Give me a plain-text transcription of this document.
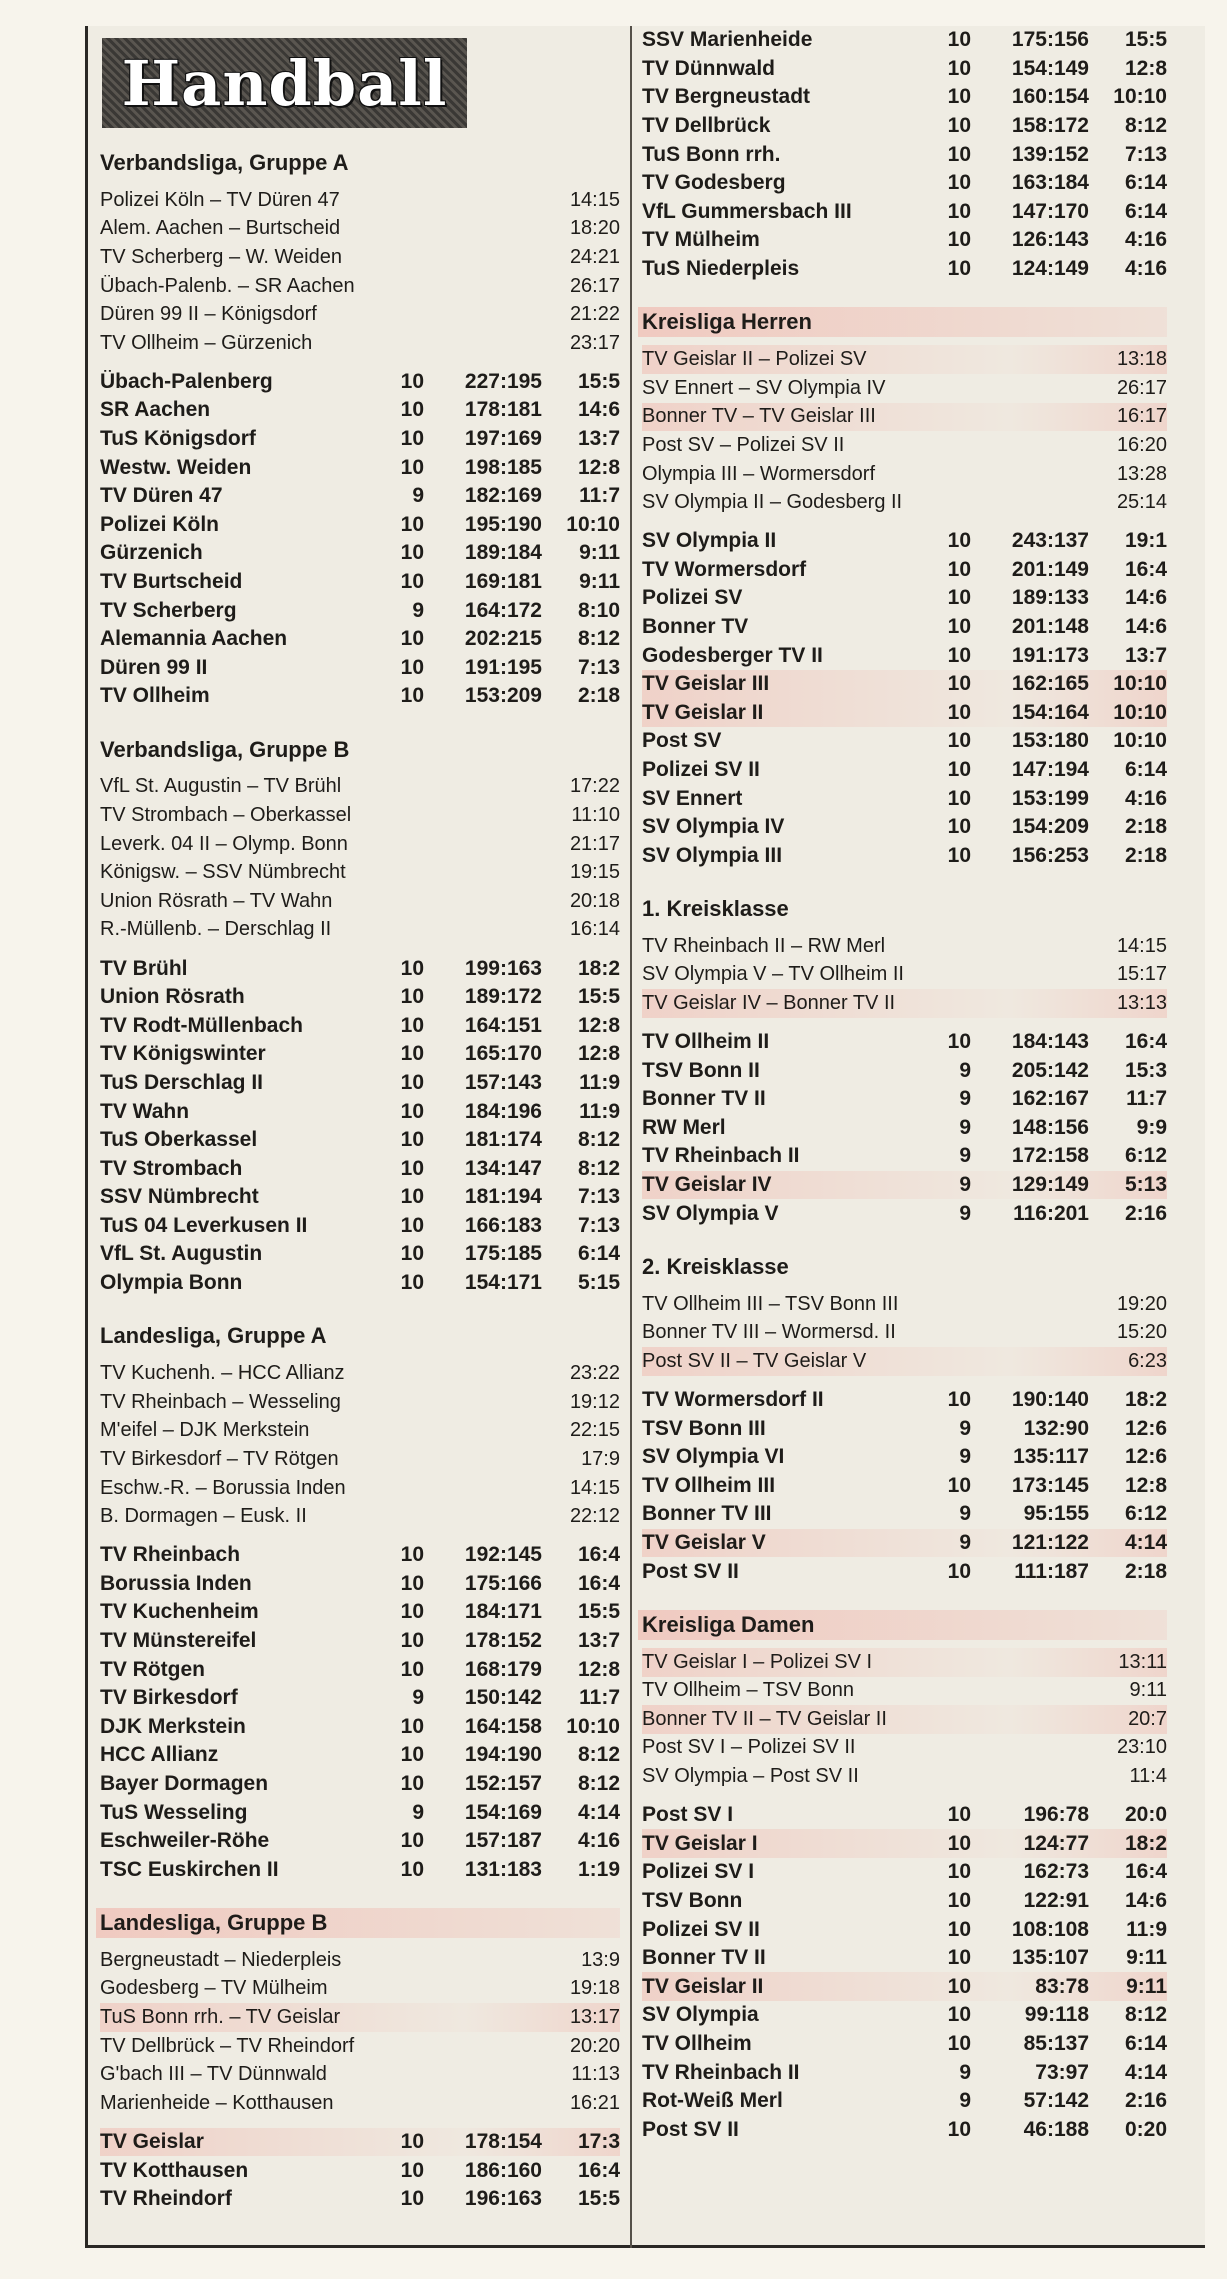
Handball
Verbandsliga, Gruppe A
Polizei Köln – TV Düren 47	14:15
Alem. Aachen – Burtscheid	18:20
TV Scherberg – W. Weiden	24:21
Übach-Palenb. – SR Aachen	26:17
Düren 99 II – Königsdorf	21:22
TV Ollheim – Gürzenich	23:17
Übach-Palenberg	10	227:195	15:5
SR Aachen	10	178:181	14:6
TuS Königsdorf	10	197:169	13:7
Westw. Weiden	10	198:185	12:8
TV Düren 47	9	182:169	11:7
Polizei Köln	10	195:190	10:10
Gürzenich	10	189:184	9:11
TV Burtscheid	10	169:181	9:11
TV Scherberg	9	164:172	8:10
Alemannia Aachen	10	202:215	8:12
Düren 99 II	10	191:195	7:13
TV Ollheim	10	153:209	2:18
Verbandsliga, Gruppe B
VfL St. Augustin – TV Brühl	17:22
TV Strombach – Oberkassel	11:10
Leverk. 04 II – Olymp. Bonn	21:17
Königsw. – SSV Nümbrecht	19:15
Union Rösrath – TV Wahn	20:18
R.-Müllenb. – Derschlag II	16:14
TV Brühl	10	199:163	18:2
Union Rösrath	10	189:172	15:5
TV Rodt-Müllenbach	10	164:151	12:8
TV Königswinter	10	165:170	12:8
TuS Derschlag II	10	157:143	11:9
TV Wahn	10	184:196	11:9
TuS Oberkassel	10	181:174	8:12
TV Strombach	10	134:147	8:12
SSV Nümbrecht	10	181:194	7:13
TuS 04 Leverkusen II	10	166:183	7:13
VfL St. Augustin	10	175:185	6:14
Olympia Bonn	10	154:171	5:15
Landesliga, Gruppe A
TV Kuchenh. – HCC Allianz	23:22
TV Rheinbach – Wesseling	19:12
M'eifel – DJK Merkstein	22:15
TV Birkesdorf – TV Rötgen	17:9
Eschw.-R. – Borussia Inden	14:15
B. Dormagen – Eusk. II	22:12
TV Rheinbach	10	192:145	16:4
Borussia Inden	10	175:166	16:4
TV Kuchenheim	10	184:171	15:5
TV Münstereifel	10	178:152	13:7
TV Rötgen	10	168:179	12:8
TV Birkesdorf	9	150:142	11:7
DJK Merkstein	10	164:158	10:10
HCC Allianz	10	194:190	8:12
Bayer Dormagen	10	152:157	8:12
TuS Wesseling	9	154:169	4:14
Eschweiler-Röhe	10	157:187	4:16
TSC Euskirchen II	10	131:183	1:19
Landesliga, Gruppe B
Bergneustadt – Niederpleis	13:9
Godesberg – TV Mülheim	19:18
TuS Bonn rrh. – TV Geislar	13:17
TV Dellbrück – TV Rheindorf	20:20
G'bach III – TV Dünnwald	11:13
Marienheide – Kotthausen	16:21
TV Geislar	10	178:154	17:3
TV Kotthausen	10	186:160	16:4
TV Rheindorf	10	196:163	15:5
SSV Marienheide	10	175:156	15:5
TV Dünnwald	10	154:149	12:8
TV Bergneustadt	10	160:154	10:10
TV Dellbrück	10	158:172	8:12
TuS Bonn rrh.	10	139:152	7:13
TV Godesberg	10	163:184	6:14
VfL Gummersbach III	10	147:170	6:14
TV Mülheim	10	126:143	4:16
TuS Niederpleis	10	124:149	4:16
Kreisliga Herren
TV Geislar II – Polizei SV	13:18
SV Ennert – SV Olympia IV	26:17
Bonner TV – TV Geislar III	16:17
Post SV – Polizei SV II	16:20
Olympia III – Wormersdorf	13:28
SV Olympia II – Godesberg II	25:14
SV Olympia II	10	243:137	19:1
TV Wormersdorf	10	201:149	16:4
Polizei SV	10	189:133	14:6
Bonner TV	10	201:148	14:6
Godesberger TV II	10	191:173	13:7
TV Geislar III	10	162:165	10:10
TV Geislar II	10	154:164	10:10
Post SV	10	153:180	10:10
Polizei SV II	10	147:194	6:14
SV Ennert	10	153:199	4:16
SV Olympia IV	10	154:209	2:18
SV Olympia III	10	156:253	2:18
1. Kreisklasse
TV Rheinbach II – RW Merl	14:15
SV Olympia V – TV Ollheim II	15:17
TV Geislar IV – Bonner TV II	13:13
TV Ollheim II	10	184:143	16:4
TSV Bonn II	9	205:142	15:3
Bonner TV II	9	162:167	11:7
RW Merl	9	148:156	9:9
TV Rheinbach II	9	172:158	6:12
TV Geislar IV	9	129:149	5:13
SV Olympia V	9	116:201	2:16
2. Kreisklasse
TV Ollheim III – TSV Bonn III	19:20
Bonner TV III – Wormersd. II	15:20
Post SV II – TV Geislar V	6:23
TV Wormersdorf II	10	190:140	18:2
TSV Bonn III	9	132:90	12:6
SV Olympia VI	9	135:117	12:6
TV Ollheim III	10	173:145	12:8
Bonner TV III	9	95:155	6:12
TV Geislar V	9	121:122	4:14
Post SV II	10	111:187	2:18
Kreisliga Damen
TV Geislar I – Polizei SV I	13:11
TV Ollheim – TSV Bonn	9:11
Bonner TV II – TV Geislar II	20:7
Post SV I – Polizei SV II	23:10
SV Olympia – Post SV II	11:4
Post SV I	10	196:78	20:0
TV Geislar I	10	124:77	18:2
Polizei SV I	10	162:73	16:4
TSV Bonn	10	122:91	14:6
Polizei SV II	10	108:108	11:9
Bonner TV II	10	135:107	9:11
TV Geislar II	10	83:78	9:11
SV Olympia	10	99:118	8:12
TV Ollheim	10	85:137	6:14
TV Rheinbach II	9	73:97	4:14
Rot-Weiß Merl	9	57:142	2:16
Post SV II	10	46:188	0:20
